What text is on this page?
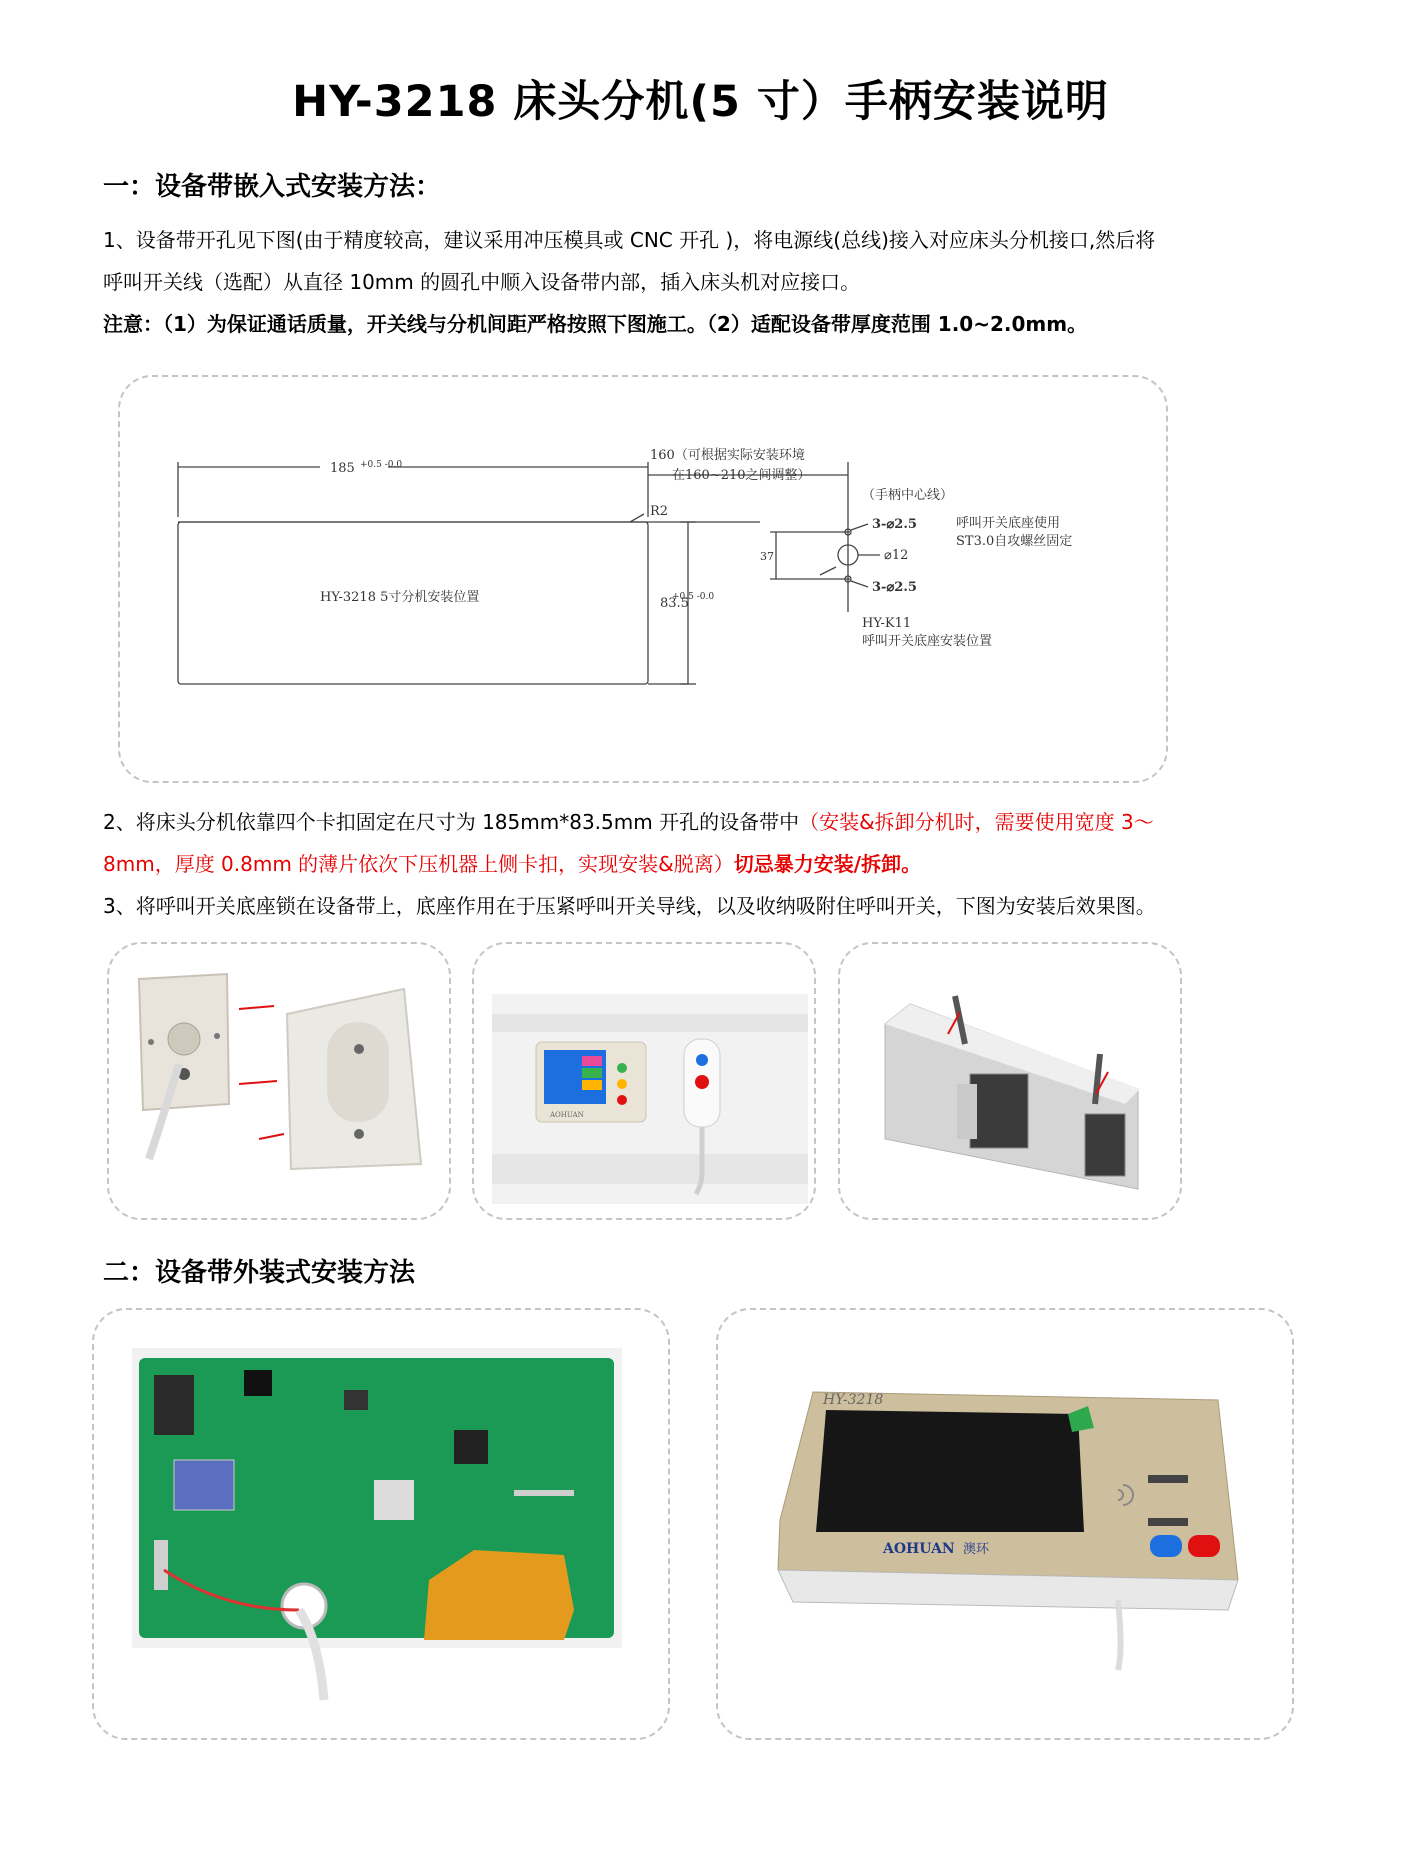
HY-3218 床头分机(5 寸）手柄安装说明
一：设备带嵌入式安装方法：
1、设备带开孔见下图(由于精度较高，建议采用冲压模具或 CNC 开孔 )，将电源线(总线)接入对应床头分机接口,然后将
呼叫开关线（选配）从直径 10mm 的圆孔中顺入设备带内部，插入床头机对应接口。
注意：（1）为保证通话质量，开关线与分机间距严格按照下图施工。（2）适配设备带厚度范围 1.0~2.0mm。
185 +0.5 -0.0
160（可根据实际安装环境
在160~210之间调整）
R2
（手柄中心线）
3-⌀2.5
⌀12
3-⌀2.5
37
呼叫开关底座使用
ST3.0自攻螺丝固定
HY-3218 5寸分机安装位置	83.5
+0.5 -0.0
HY-K11
呼叫开关底座安装位置
2、将床头分机依靠四个卡扣固定在尺寸为 185mm*83.5mm 开孔的设备带中（安装&拆卸分机时，需要使用宽度 3～
8mm，厚度 0.8mm 的薄片依次下压机器上侧卡扣，实现安装&脱离）切忌暴力安装/拆卸。
3、将呼叫开关底座锁在设备带上，底座作用在于压紧呼叫开关导线，以及收纳吸附住呼叫开关，下图为安装后效果图。
AOHUAN
二：设备带外装式安装方法
HY-3218
AOHUAN 澳环
